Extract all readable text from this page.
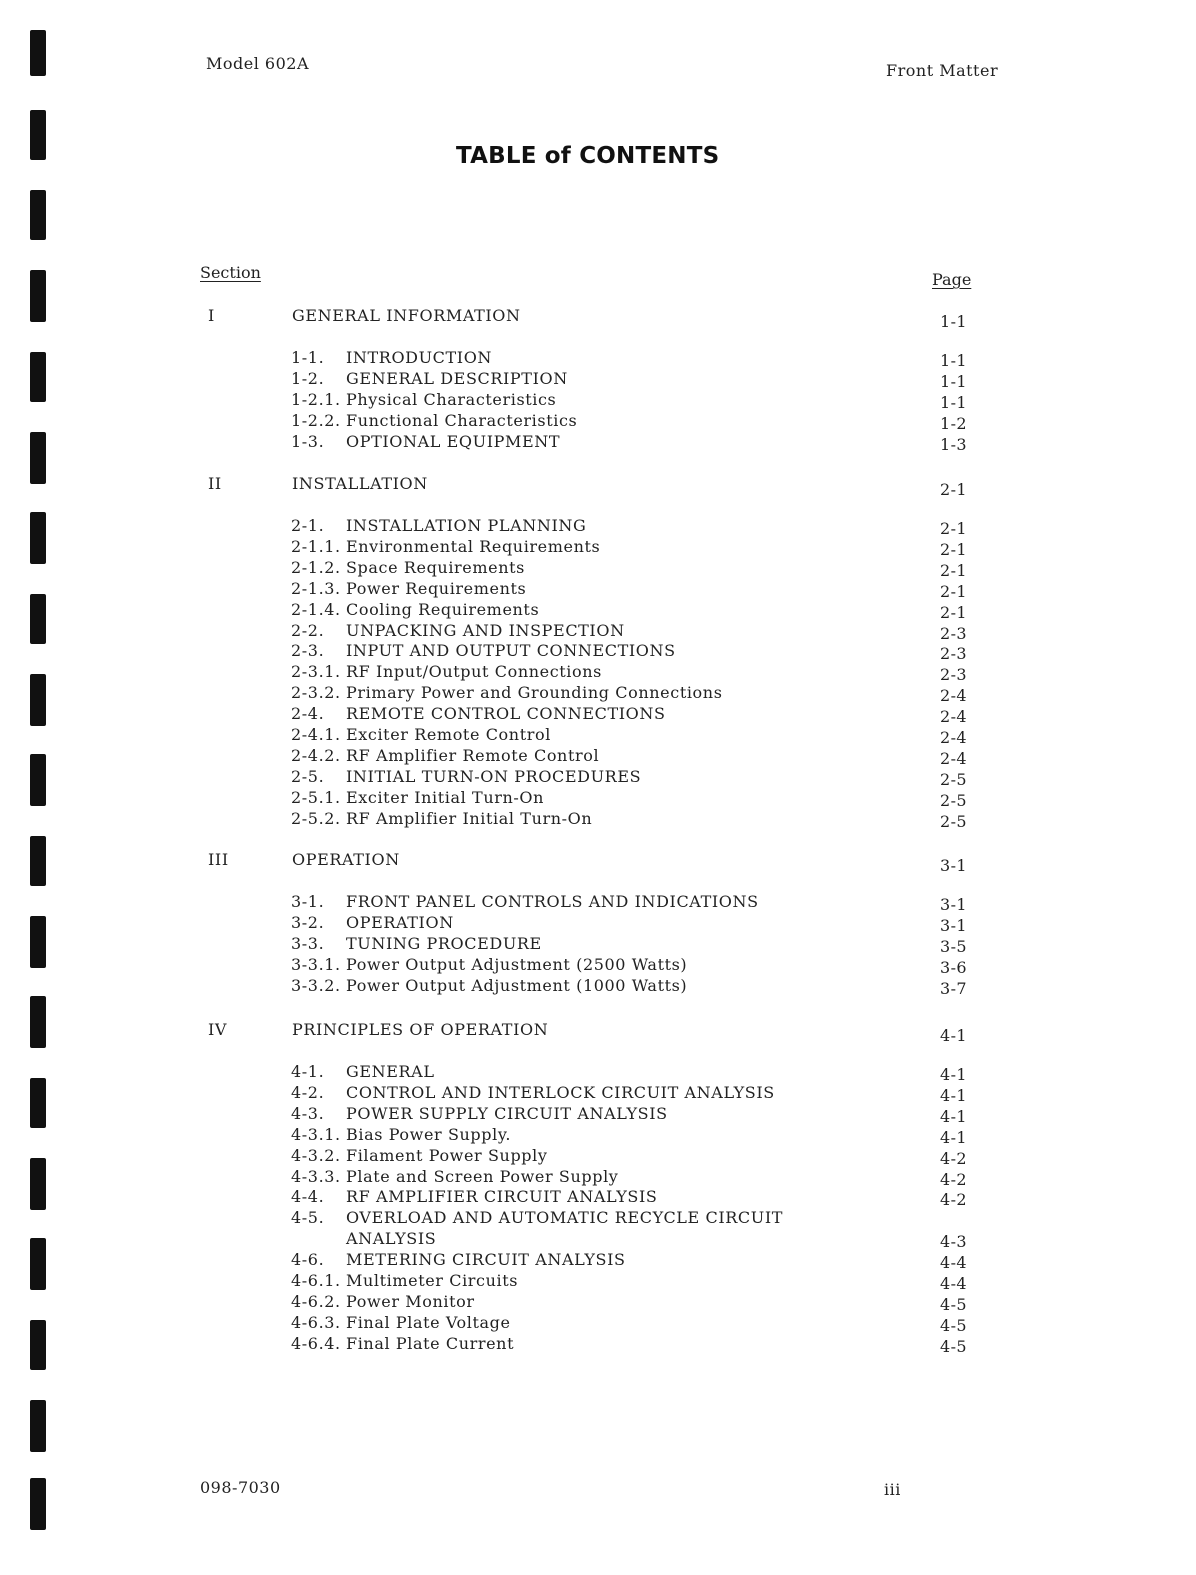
Model 602A	Front Matter
TABLE of CONTENTS
Section	Page
I	GENERAL INFORMATION	1-1
1-1. INTRODUCTION	1-1
1-2. GENERAL DESCRIPTION	1-1
1-2.1. Physical Characteristics	1-1
1-2.2. Functional Characteristics	1-2
1-3. OPTIONAL EQUIPMENT	1-3
II	INSTALLATION	2-1
2-1. INSTALLATION PLANNING	2-1
2-1.1. Environmental Requirements	2-1
2-1.2. Space Requirements	2-1
2-1.3. Power Requirements	2-1
2-1.4. Cooling Requirements	2-1
2-2. UNPACKING AND INSPECTION	2-3
2-3. INPUT AND OUTPUT CONNECTIONS	2-3
2-3.1. RF Input/Output Connections	2-3
2-3.2. Primary Power and Grounding Connections	2-4
2-4. REMOTE CONTROL CONNECTIONS	2-4
2-4.1. Exciter Remote Control	2-4
2-4.2. RF Amplifier Remote Control	2-4
2-5. INITIAL TURN-ON PROCEDURES	2-5
2-5.1. Exciter Initial Turn-On	2-5
2-5.2. RF Amplifier Initial Turn-On	2-5
III	OPERATION	3-1
3-1. FRONT PANEL CONTROLS AND INDICATIONS	3-1
3-2. OPERATION	3-1
3-3. TUNING PROCEDURE	3-5
3-3.1. Power Output Adjustment (2500 Watts)	3-6
3-3.2. Power Output Adjustment (1000 Watts)	3-7
IV	PRINCIPLES OF OPERATION	4-1
4-1. GENERAL	4-1
4-2. CONTROL AND INTERLOCK CIRCUIT ANALYSIS	4-1
4-3. POWER SUPPLY CIRCUIT ANALYSIS	4-1
4-3.1. Bias Power Supply.	4-1
4-3.2. Filament Power Supply	4-2
4-3.3. Plate and Screen Power Supply	4-2
4-4. RF AMPLIFIER CIRCUIT ANALYSIS	4-2
4-5. OVERLOAD AND AUTOMATIC RECYCLE CIRCUIT
ANALYSIS	4-3
4-6. METERING CIRCUIT ANALYSIS	4-4
4-6.1. Multimeter Circuits	4-4
4-6.2. Power Monitor	4-5
4-6.3. Final Plate Voltage	4-5
4-6.4. Final Plate Current	4-5
098-7030	iii
